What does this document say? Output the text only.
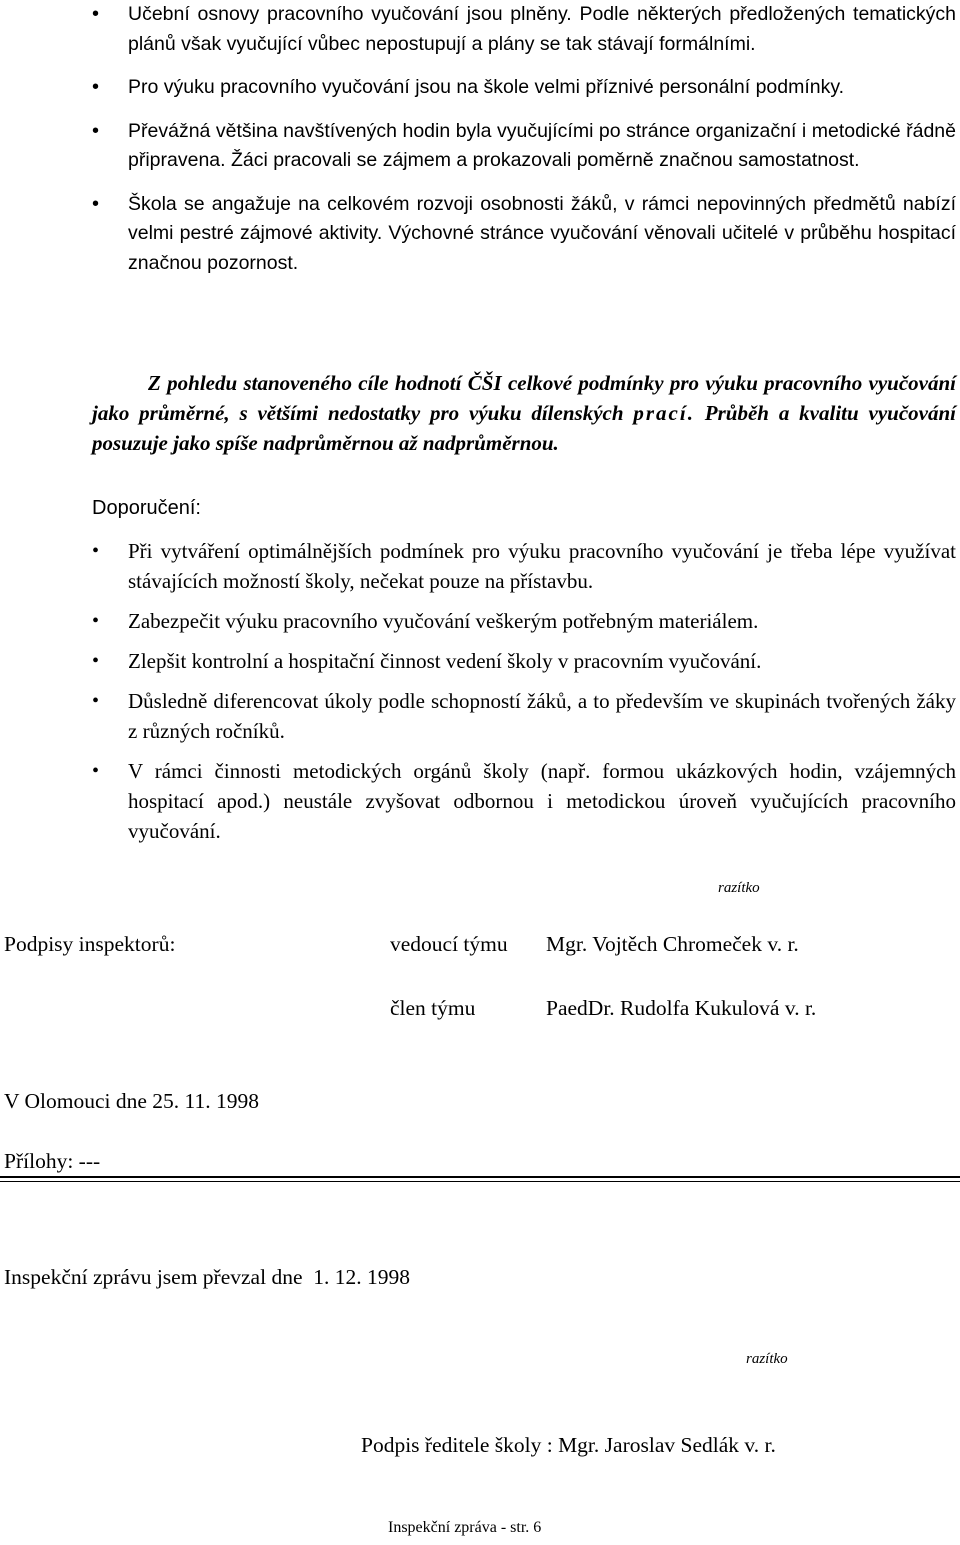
• Učební osnovy pracovního vyučování jsou plněny. Podle některých předložených tematických plánů však vyučující vůbec nepostupují a plány se tak stávají formálními.
• Pro výuku pracovního vyučování jsou na škole velmi příznivé personální podmínky.
• Převážná většina navštívených hodin byla vyučujícími po stránce organizační i metodické řádně připravena. Žáci pracovali se zájmem a prokazovali poměrně značnou samostatnost.
• Škola se angažuje na celkovém rozvoji osobnosti žáků, v rámci nepovinných předmětů nabízí velmi pestré zájmové aktivity. Výchovné stránce vyučování věnovali učitelé v průběhu hospitací značnou pozornost.

Z pohledu stanoveného cíle hodnotí ČŠI celkové podmínky pro výuku pracovního vyučování jako průměrné, s většími nedostatky pro výuku dílenských prací. Průběh a kvalitu vyučování posuzuje jako spíše nadprůměrnou až nadprůměrnou.

Doporučení:
• Při vytváření optimálnějších podmínek pro výuku pracovního vyučování je třeba lépe využívat stávajících možností školy, nečekat pouze na přístavbu.
• Zabezpečit výuku pracovního vyučování veškerým potřebným materiálem.
• Zlepšit kontrolní a hospitační činnost vedení školy v pracovním vyučování.
• Důsledně diferencovat úkoly podle schopností žáků, a to především ve skupinách tvořených žáky z různých ročníků.
• V rámci činnosti metodických orgánů školy (např. formou ukázkových hodin, vzájemných hospitací apod.) neustále zvyšovat odbornou i metodickou úroveň vyučujících pracovního vyučování.
razítko
Podpisy inspektorů:	vedoucí týmu Mgr. Vojtěch Chromeček v. r.
člen týmu	PaedDr. Rudolfa Kukulová v. r.
V Olomouci dne 25. 11. 1998
Přílohy: ---
Inspekční zprávu jsem převzal dne 1. 12. 1998
razítko
Podpis ředitele školy : Mgr. Jaroslav Sedlák v. r.
Inspekční zpráva - str. 6
